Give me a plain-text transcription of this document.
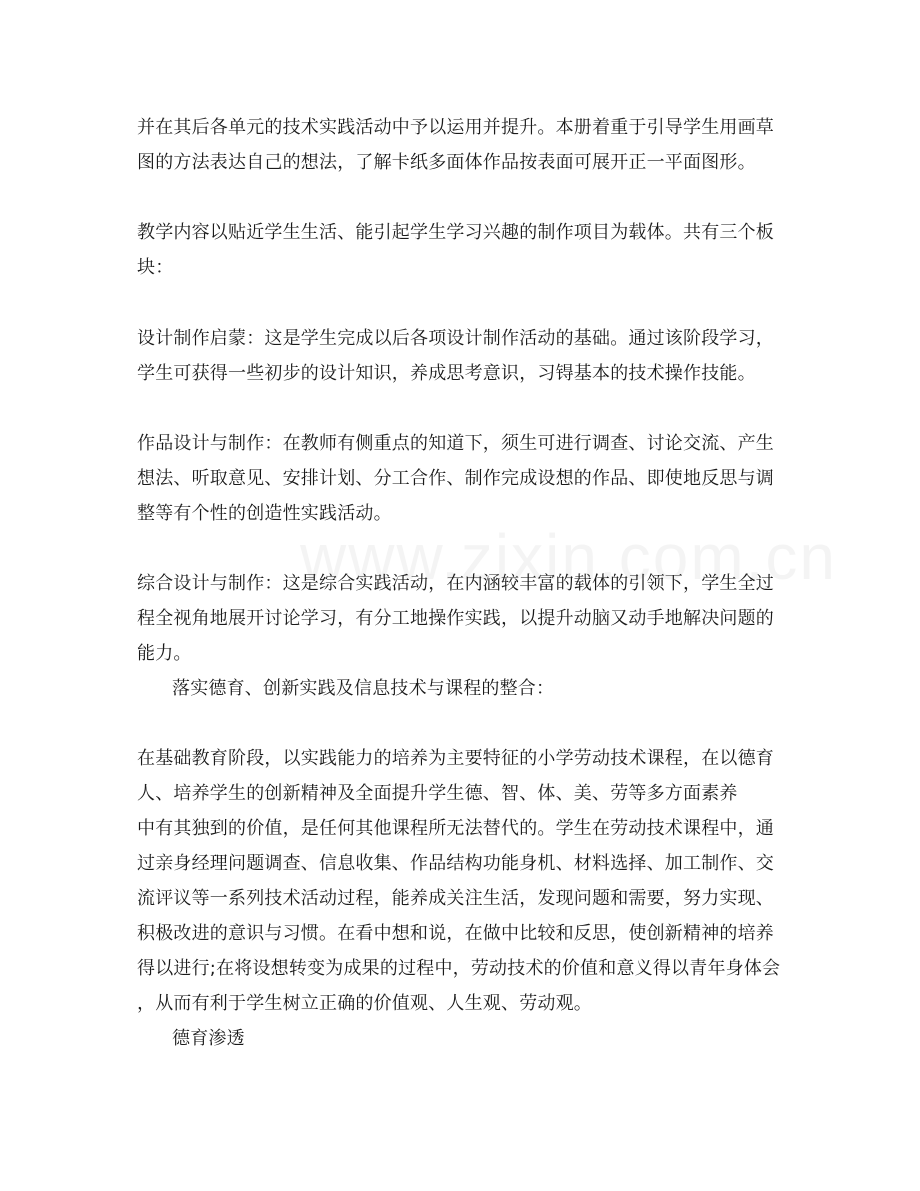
并在其后各单元的技术实践活动中予以运用并提升。本册着重于引导学生用画草
图的方法表达自己的想法，了解卡纸多面体作品按表面可展开正一平面图形。
教学内容以贴近学生生活、能引起学生学习兴趣的制作项目为载体。共有三个板
块：
设计制作启蒙：这是学生完成以后各项设计制作活动的基础。通过该阶段学习，
学生可获得一些初步的设计知识，养成思考意识，习锝基本的技术操作技能。
作品设计与制作：在教师有侧重点的知道下，须生可进行调查、讨论交流、产生
想法、听取意见、安排计划、分工合作、制作完成设想的作品、即使地反思与调
整等有个性的创造性实践活动。
综合设计与制作：这是综合实践活动，在内涵较丰富的载体的引领下，学生全过
程全视角地展开讨论学习，有分工地操作实践，以提升动脑又动手地解决问题的
能力。
落实德育、创新实践及信息技术与课程的整合：
在基础教育阶段，以实践能力的培养为主要特征的小学劳动技术课程，在以德育
人、培养学生的创新精神及全面提升学生德、智、体、美、劳等多方面素养
中有其独到的价值，是任何其他课程所无法替代的。学生在劳动技术课程中，通
过亲身经理问题调查、信息收集、作品结构功能身机、材料选择、加工制作、交
流评议等一系列技术活动过程，能养成关注生活，发现问题和需要，努力实现、
积极改进的意识与习惯。在看中想和说，在做中比较和反思，使创新精神的培养
得以进行;在将设想转变为成果的过程中，劳动技术的价值和意义得以青年身体会
，从而有利于学生树立正确的价值观、人生观、劳动观。
德育渗透
